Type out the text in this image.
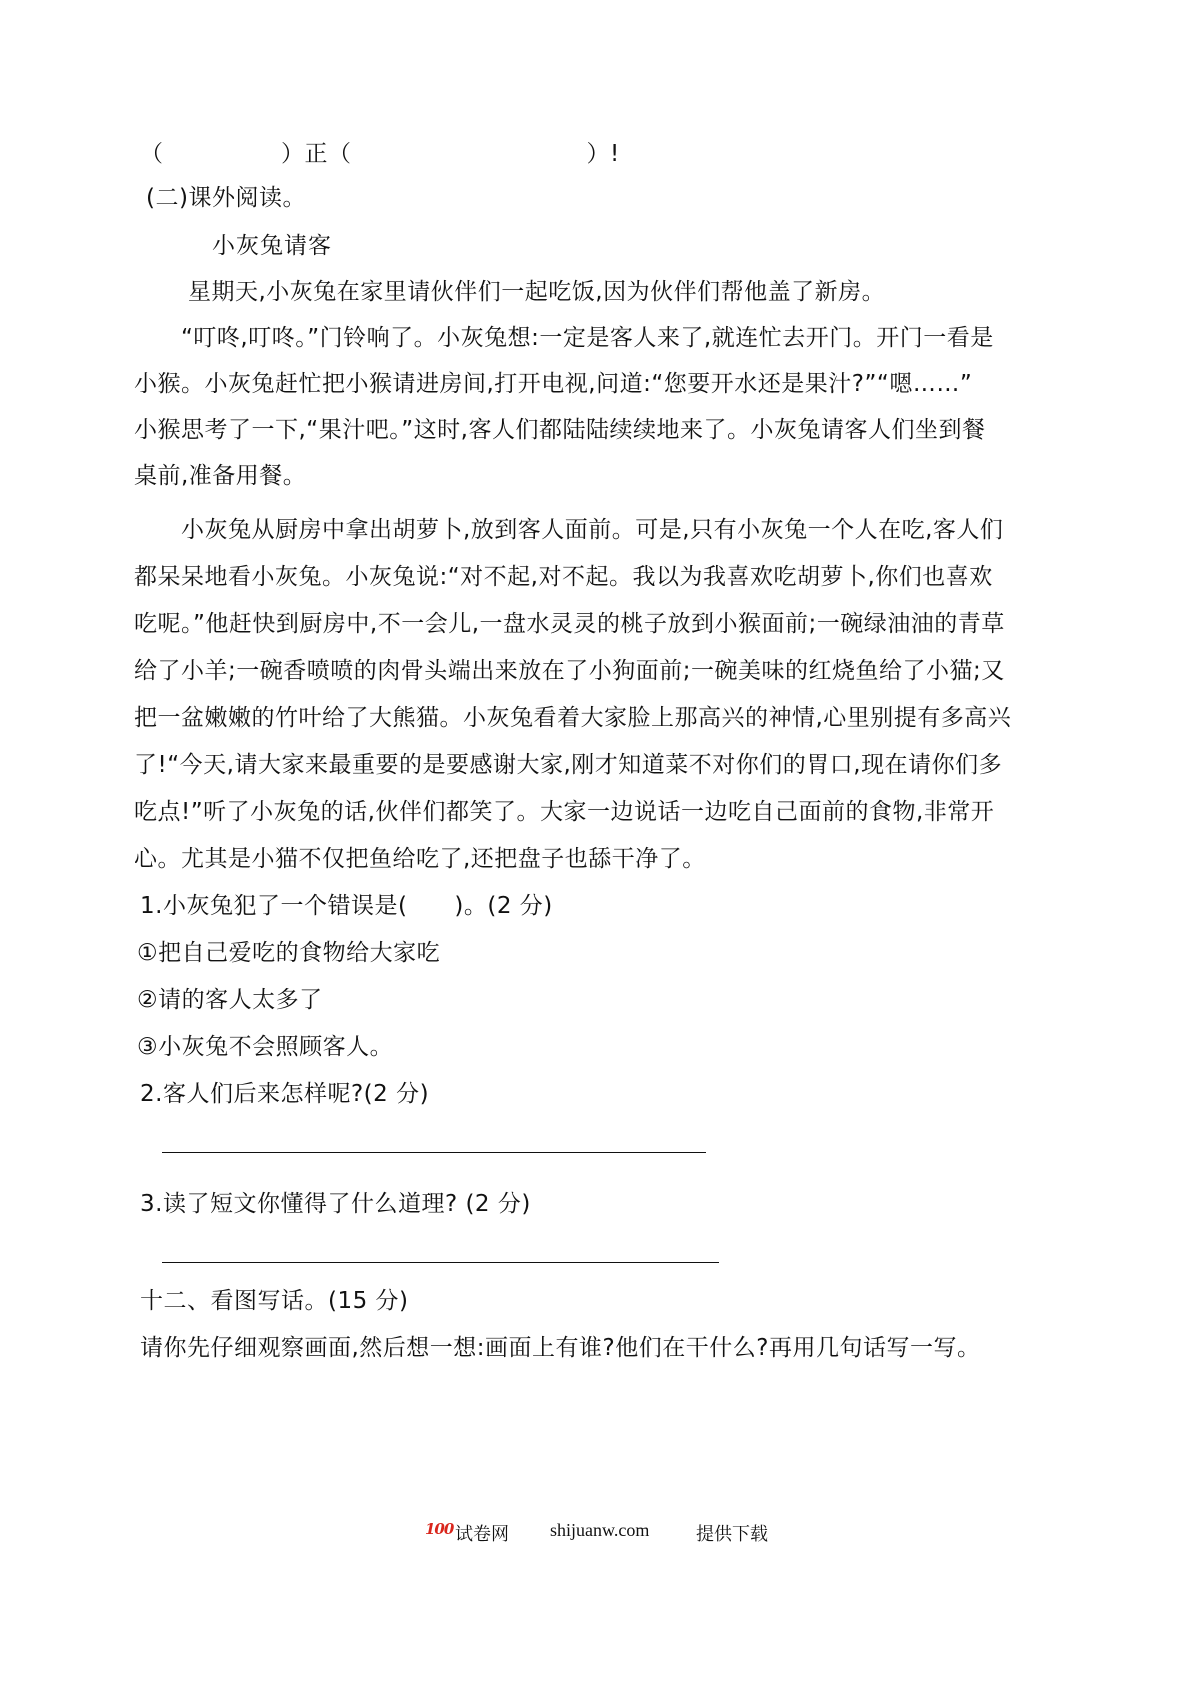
（　　　　　）正（　　　　　　　　　　）!
(二)课外阅读。
小灰兔请客
星期天,小灰兔在家里请伙伴们一起吃饭,因为伙伴们帮他盖了新房。
“叮咚,叮咚。”门铃响了。小灰兔想:一定是客人来了,就连忙去开门。开门一看是
小猴。小灰兔赶忙把小猴请进房间,打开电视,问道:“您要开水还是果汁?”“嗯……”
小猴思考了一下,“果汁吧。”这时,客人们都陆陆续续地来了。小灰兔请客人们坐到餐
桌前,准备用餐。
小灰兔从厨房中拿出胡萝卜,放到客人面前。可是,只有小灰兔一个人在吃,客人们
都呆呆地看小灰兔。小灰兔说:“对不起,对不起。我以为我喜欢吃胡萝卜,你们也喜欢
吃呢。”他赶快到厨房中,不一会儿,一盘水灵灵的桃子放到小猴面前;一碗绿油油的青草
给了小羊;一碗香喷喷的肉骨头端出来放在了小狗面前;一碗美味的红烧鱼给了小猫;又
把一盆嫩嫩的竹叶给了大熊猫。小灰兔看着大家脸上那高兴的神情,心里别提有多高兴
了!“今天,请大家来最重要的是要感谢大家,刚才知道菜不对你们的胃口,现在请你们多
吃点!”听了小灰兔的话,伙伴们都笑了。大家一边说话一边吃自己面前的食物,非常开
心。尤其是小猫不仅把鱼给吃了,还把盘子也舔干净了。
1.小灰兔犯了一个错误是(　　)。(2 分)
①把自己爱吃的食物给大家吃
②请的客人太多了
③小灰兔不会照顾客人。
2.客人们后来怎样呢?(2 分)
3.读了短文你懂得了什么道理? (2 分)
十二、看图写话。(15 分)
请你先仔细观察画面,然后想一想:画面上有谁?他们在干什么?再用几句话写一写。
100 试卷网 shijuanw.com	提供下载
